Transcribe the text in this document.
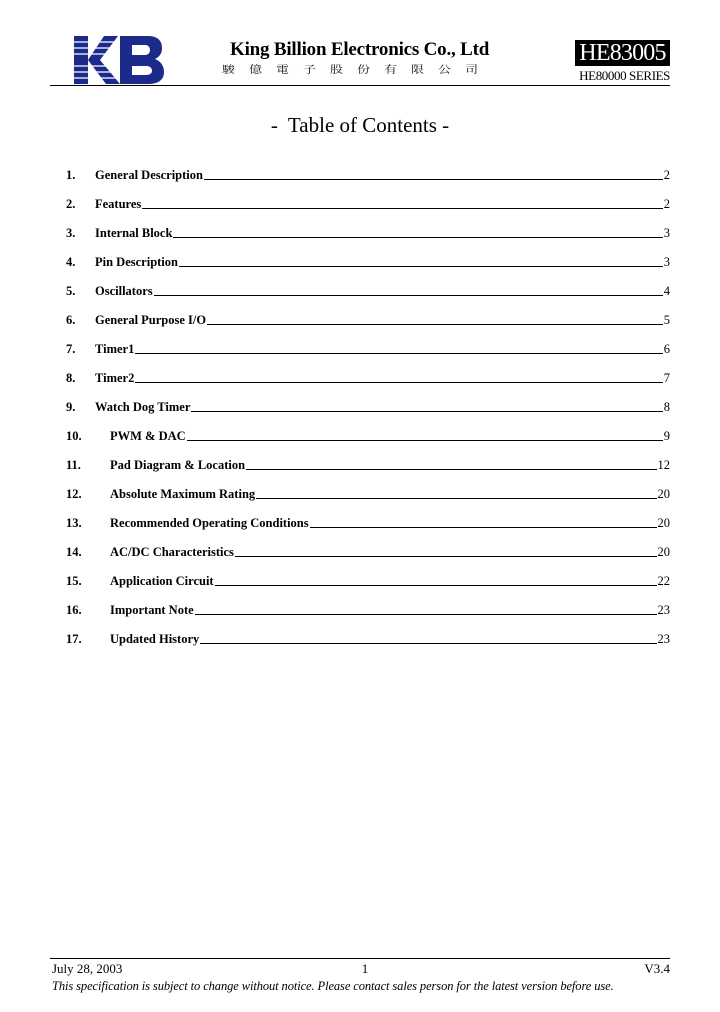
King Billion Electronics Co., Ltd
駿億電子股份有限公司
HE83005
HE80000 SERIES
-  Table of Contents -
1.	General Description	2
2.	Features	2
3.	Internal Block	3
4.	Pin Description	3
5.	Oscillators	4
6.	General Purpose I/O	5
7.	Timer1	6
8.	Timer2	7
9.	Watch Dog Timer	8
10.	PWM & DAC	9
11.	Pad Diagram & Location	12
12.	Absolute Maximum Rating	20
13.	Recommended Operating Conditions	20
14.	AC/DC Characteristics	20
15.	Application Circuit	22
16.	Important Note	23
17.	Updated History	23
July 28, 2003	1	V3.4
This specification is subject to change without notice. Please contact sales person for the latest version before use.
